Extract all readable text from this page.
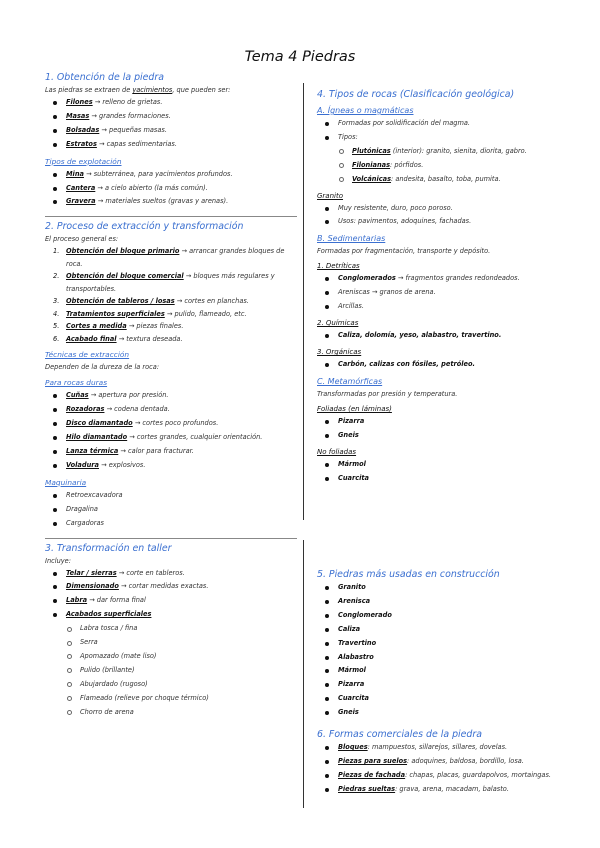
Tema 4 Piedras
1. Obtención de la piedra
Las piedras se extraen de yacimientos, que pueden ser:
Filones → relleno de grietas.
Masas → grandes formaciones.
Bolsadas → pequeñas masas.
Estratos → capas sedimentarias.
Tipos de explotación
Mina → subterránea, para yacimientos profundos.
Cantera → a cielo abierto (la más común).
Gravera → materiales sueltos (gravas y arenas).
2. Proceso de extracción y transformación
El proceso general es:
1. Obtención del bloque primario → arrancar grandes bloques de roca.
2. Obtención del bloque comercial → bloques más regulares y transportables.
3. Obtención de tableros / losas → cortes en planchas.
4. Tratamientos superficiales → pulido, flameado, etc.
5. Cortes a medida → piezas finales.
6. Acabado final → textura deseada.
Técnicas de extracción
Dependen de la dureza de la roca:
Para rocas duras
Cuñas → apertura por presión.
Rozadoras → codena dentada.
Disco diamantado → cortes poco profundos.
Hilo diamantado → cortes grandes, cualquier orientación.
Lanza térmica → calor para fracturar.
Voladura → explosivos.
Maquinaria
Retroexcavadora
Dragalina
Cargadoras
3. Transformación en taller
Incluye:
Telar / sierras → corte en tableros.
Dimensionado → cortar medidas exactas.
Labra → dar forma final
Acabados superficiales
Labra tosca / fina
Serra
Apomazado (mate liso)
Pulido (brillante)
Abujardado (rugoso)
Flameado (relieve por choque térmico)
Chorro de arena
4. Tipos de rocas (Clasificación geológica)
A. Ígneas o magmáticas
Formadas por solidificación del magma.
Tipos:
Plutónicas (interior): granito, sienita, diorita, gabro.
Filonianas: pórfidos.
Volcánicas: andesita, basalto, toba, pumita.
Granito
Muy resistente, duro, poco poroso.
Usos: pavimentos, adoquines, fachadas.
B. Sedimentarias
Formadas por fragmentación, transporte y depósito.
1. Detríticas
Conglomerados → fragmentos grandes redondeados.
Areniscas → granos de arena.
Arcillas.
2. Químicas
Caliza, dolomía, yeso, alabastro, travertino.
3. Orgánicas
Carbón, calizas con fósiles, petróleo.
C. Metamórficas
Transformadas por presión y temperatura.
Foliadas (en láminas)
Pizarra
Gneis
No foliadas
Mármol
Cuarcita
5. Piedras más usadas en construcción
Granito
Arenisca
Conglomerado
Caliza
Travertino
Alabastro
Mármol
Pizarra
Cuarcita
Gneis
6. Formas comerciales de la piedra
Bloques: mampuestos, sillarejos, sillares, dovelas.
Piezas para suelos: adoquines, baldosa, bordillo, losa.
Piezas de fachada: chapas, placas, guardapolvos, mortaingas.
Piedras sueltas: grava, arena, macadam, balasto.
